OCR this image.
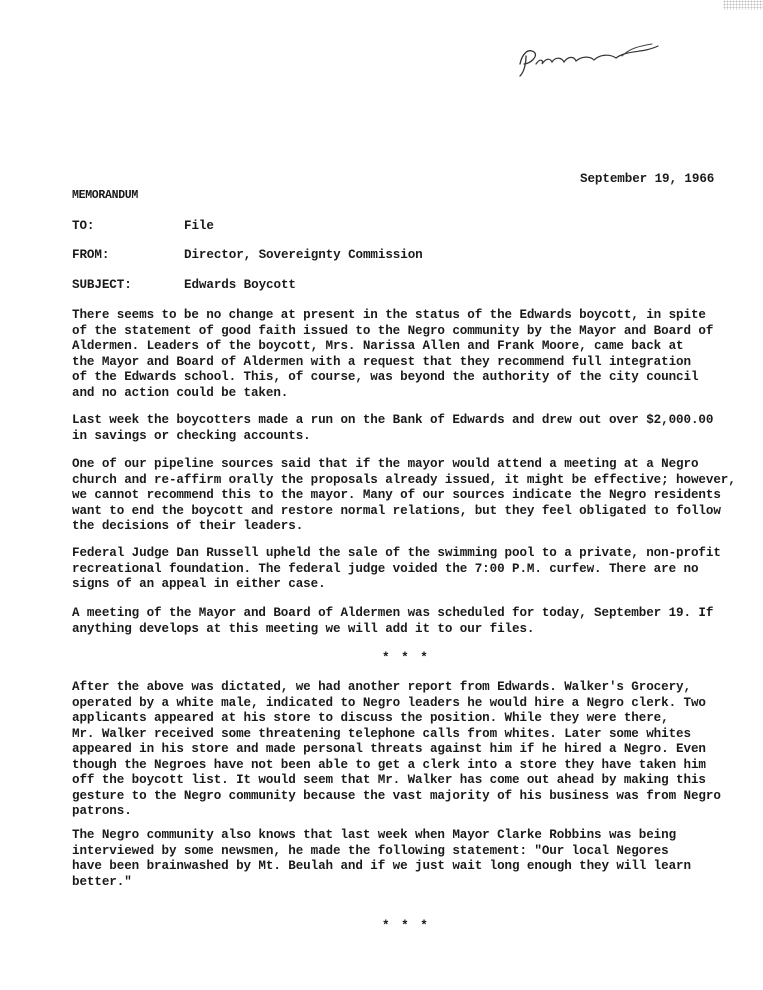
September 19, 1966
MEMORANDUM
TO:	File
FROM:	Director, Sovereignty Commission
SUBJECT:	Edwards Boycott
There seems to be no change at present in the status of the Edwards boycott, in spite
of the statement of good faith issued to the Negro community by the Mayor and Board of
Aldermen. Leaders of the boycott, Mrs. Narissa Allen and Frank Moore, came back at
the Mayor and Board of Aldermen with a request that they recommend full integration
of the Edwards school. This, of course, was beyond the authority of the city council
and no action could be taken.
Last week the boycotters made a run on the Bank of Edwards and drew out over $2,000.00
in savings or checking accounts.
One of our pipeline sources said that if the mayor would attend a meeting at a Negro
church and re-affirm orally the proposals already issued, it might be effective; however,
we cannot recommend this to the mayor. Many of our sources indicate the Negro residents
want to end the boycott and restore normal relations, but they feel obligated to follow
the decisions of their leaders.
Federal Judge Dan Russell upheld the sale of the swimming pool to a private, non-profit
recreational foundation. The federal judge voided the 7:00 P.M. curfew. There are no
signs of an appeal in either case.
A meeting of the Mayor and Board of Aldermen was scheduled for today, September 19. If
anything develops at this meeting we will add it to our files.
* * *
After the above was dictated, we had another report from Edwards. Walker's Grocery,
operated by a white male, indicated to Negro leaders he would hire a Negro clerk. Two
applicants appeared at his store to discuss the position. While they were there,
Mr. Walker received some threatening telephone calls from whites. Later some whites
appeared in his store and made personal threats against him if he hired a Negro. Even
though the Negroes have not been able to get a clerk into a store they have taken him
off the boycott list. It would seem that Mr. Walker has come out ahead by making this
gesture to the Negro community because the vast majority of his business was from Negro
patrons.
The Negro community also knows that last week when Mayor Clarke Robbins was being
interviewed by some newsmen, he made the following statement: "Our local Negores
have been brainwashed by Mt. Beulah and if we just wait long enough they will learn
better."
* * *
